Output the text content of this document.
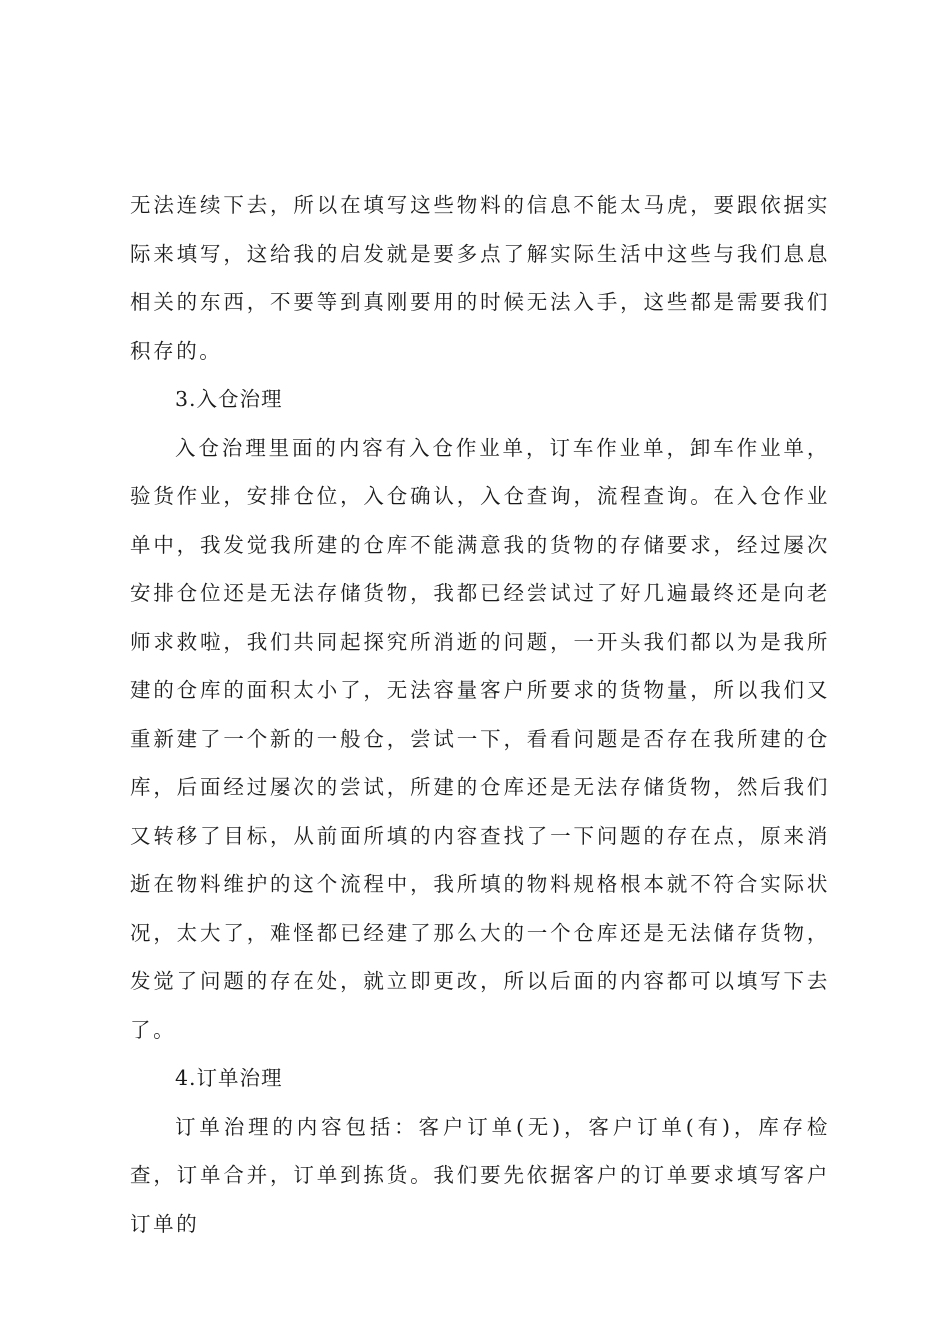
无法连续下去，所以在填写这些物料的信息不能太马虎，要跟依据实际来填写，这给我的启发就是要多点了解实际生活中这些与我们息息相关的东西，不要等到真刚要用的时候无法入手，这些都是需要我们积存的。

3.入仓治理

入仓治理里面的内容有入仓作业单，订车作业单，卸车作业单，验货作业，安排仓位，入仓确认，入仓查询，流程查询。在入仓作业单中，我发觉我所建的仓库不能满意我的货物的存储要求，经过屡次安排仓位还是无法存储货物，我都已经尝试过了好几遍最终还是向老师求救啦，我们共同起探究所消逝的问题，一开头我们都以为是我所建的仓库的面积太小了，无法容量客户所要求的货物量，所以我们又重新建了一个新的一般仓，尝试一下，看看问题是否存在我所建的仓库，后面经过屡次的尝试，所建的仓库还是无法存储货物，然后我们又转移了目标，从前面所填的内容查找了一下问题的存在点，原来消逝在物料维护的这个流程中，我所填的物料规格根本就不符合实际状况，太大了，难怪都已经建了那么大的一个仓库还是无法储存货物，发觉了问题的存在处，就立即更改，所以后面的内容都可以填写下去了。

4.订单治理

订单治理的内容包括：客户订单(无)，客户订单(有)，库存检查，订单合并，订单到拣货。我们要先依据客户的订单要求填写客户订单的
